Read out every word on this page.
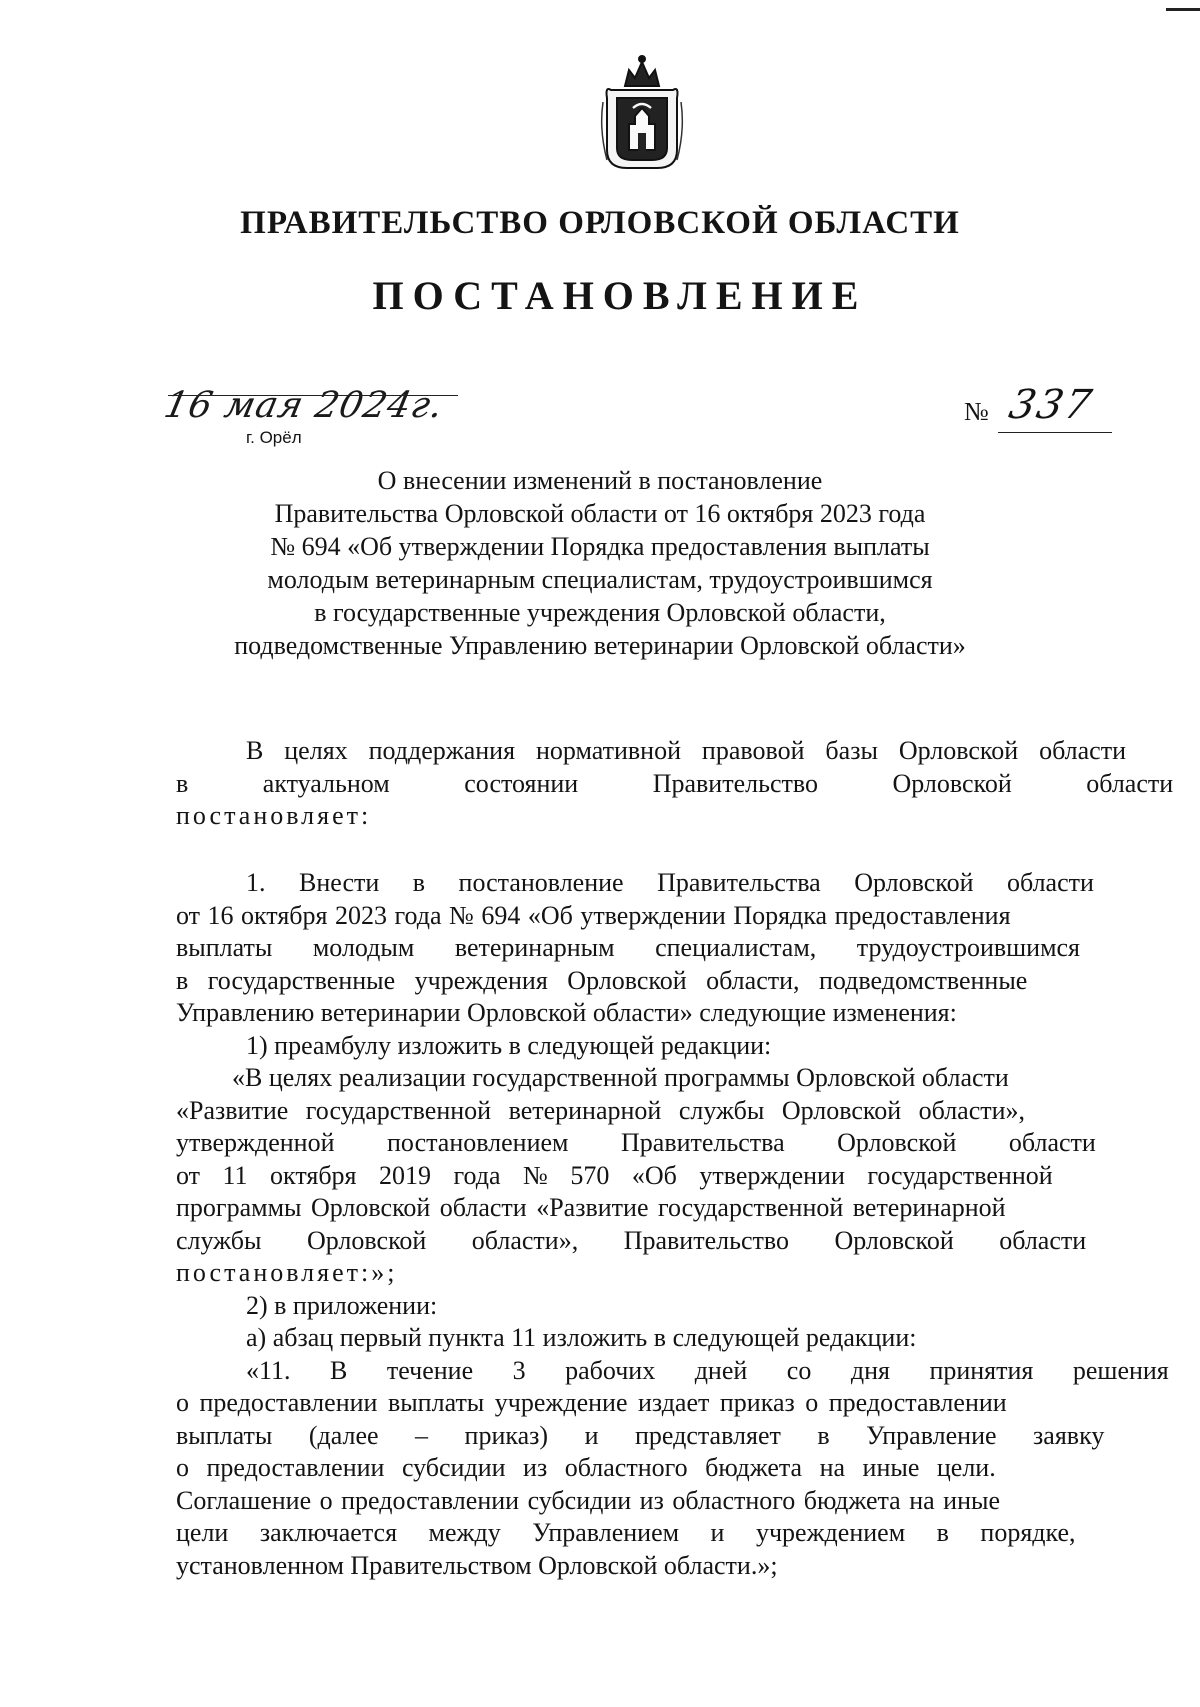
ПРАВИТЕЛЬСТВО ОРЛОВСКОЙ ОБЛАСТИ
ПОСТАНОВЛЕНИЕ
16 мая 2024г.
г. Орёл
№ 337
О внесении изменений в постановление
Правительства Орловской области от 16 октября 2023 года
№ 694 «Об утверждении Порядка предоставления выплаты
молодым ветеринарным специалистам, трудоустроившимся
в государственные учреждения Орловской области,
подведомственные Управлению ветеринарии Орловской области»

В целях поддержания нормативной правовой базы Орловской области
в актуальном состоянии Правительство Орловской области
постановляет:

1. Внести в постановление Правительства Орловской области
от 16 октября 2023 года № 694 «Об утверждении Порядка предоставления
выплаты молодым ветеринарным специалистам, трудоустроившимся
в государственные учреждения Орловской области, подведомственные
Управлению ветеринарии Орловской области» следующие изменения:
1) преамбулу изложить в следующей редакции:
«В целях реализации государственной программы Орловской области
«Развитие государственной ветеринарной службы Орловской области»,
утвержденной постановлением Правительства Орловской области
от 11 октября 2019 года № 570 «Об утверждении государственной
программы Орловской области «Развитие государственной ветеринарной
службы Орловской области», Правительство Орловской области
постановляет:»;
2) в приложении:
а) абзац первый пункта 11 изложить в следующей редакции:
«11. В течение 3 рабочих дней со дня принятия решения
о предоставлении выплаты учреждение издает приказ о предоставлении
выплаты (далее – приказ) и представляет в Управление заявку
о предоставлении субсидии из областного бюджета на иные цели.
Соглашение о предоставлении субсидии из областного бюджета на иные
цели заключается между Управлением и учреждением в порядке,
установленном Правительством Орловской области.»;
